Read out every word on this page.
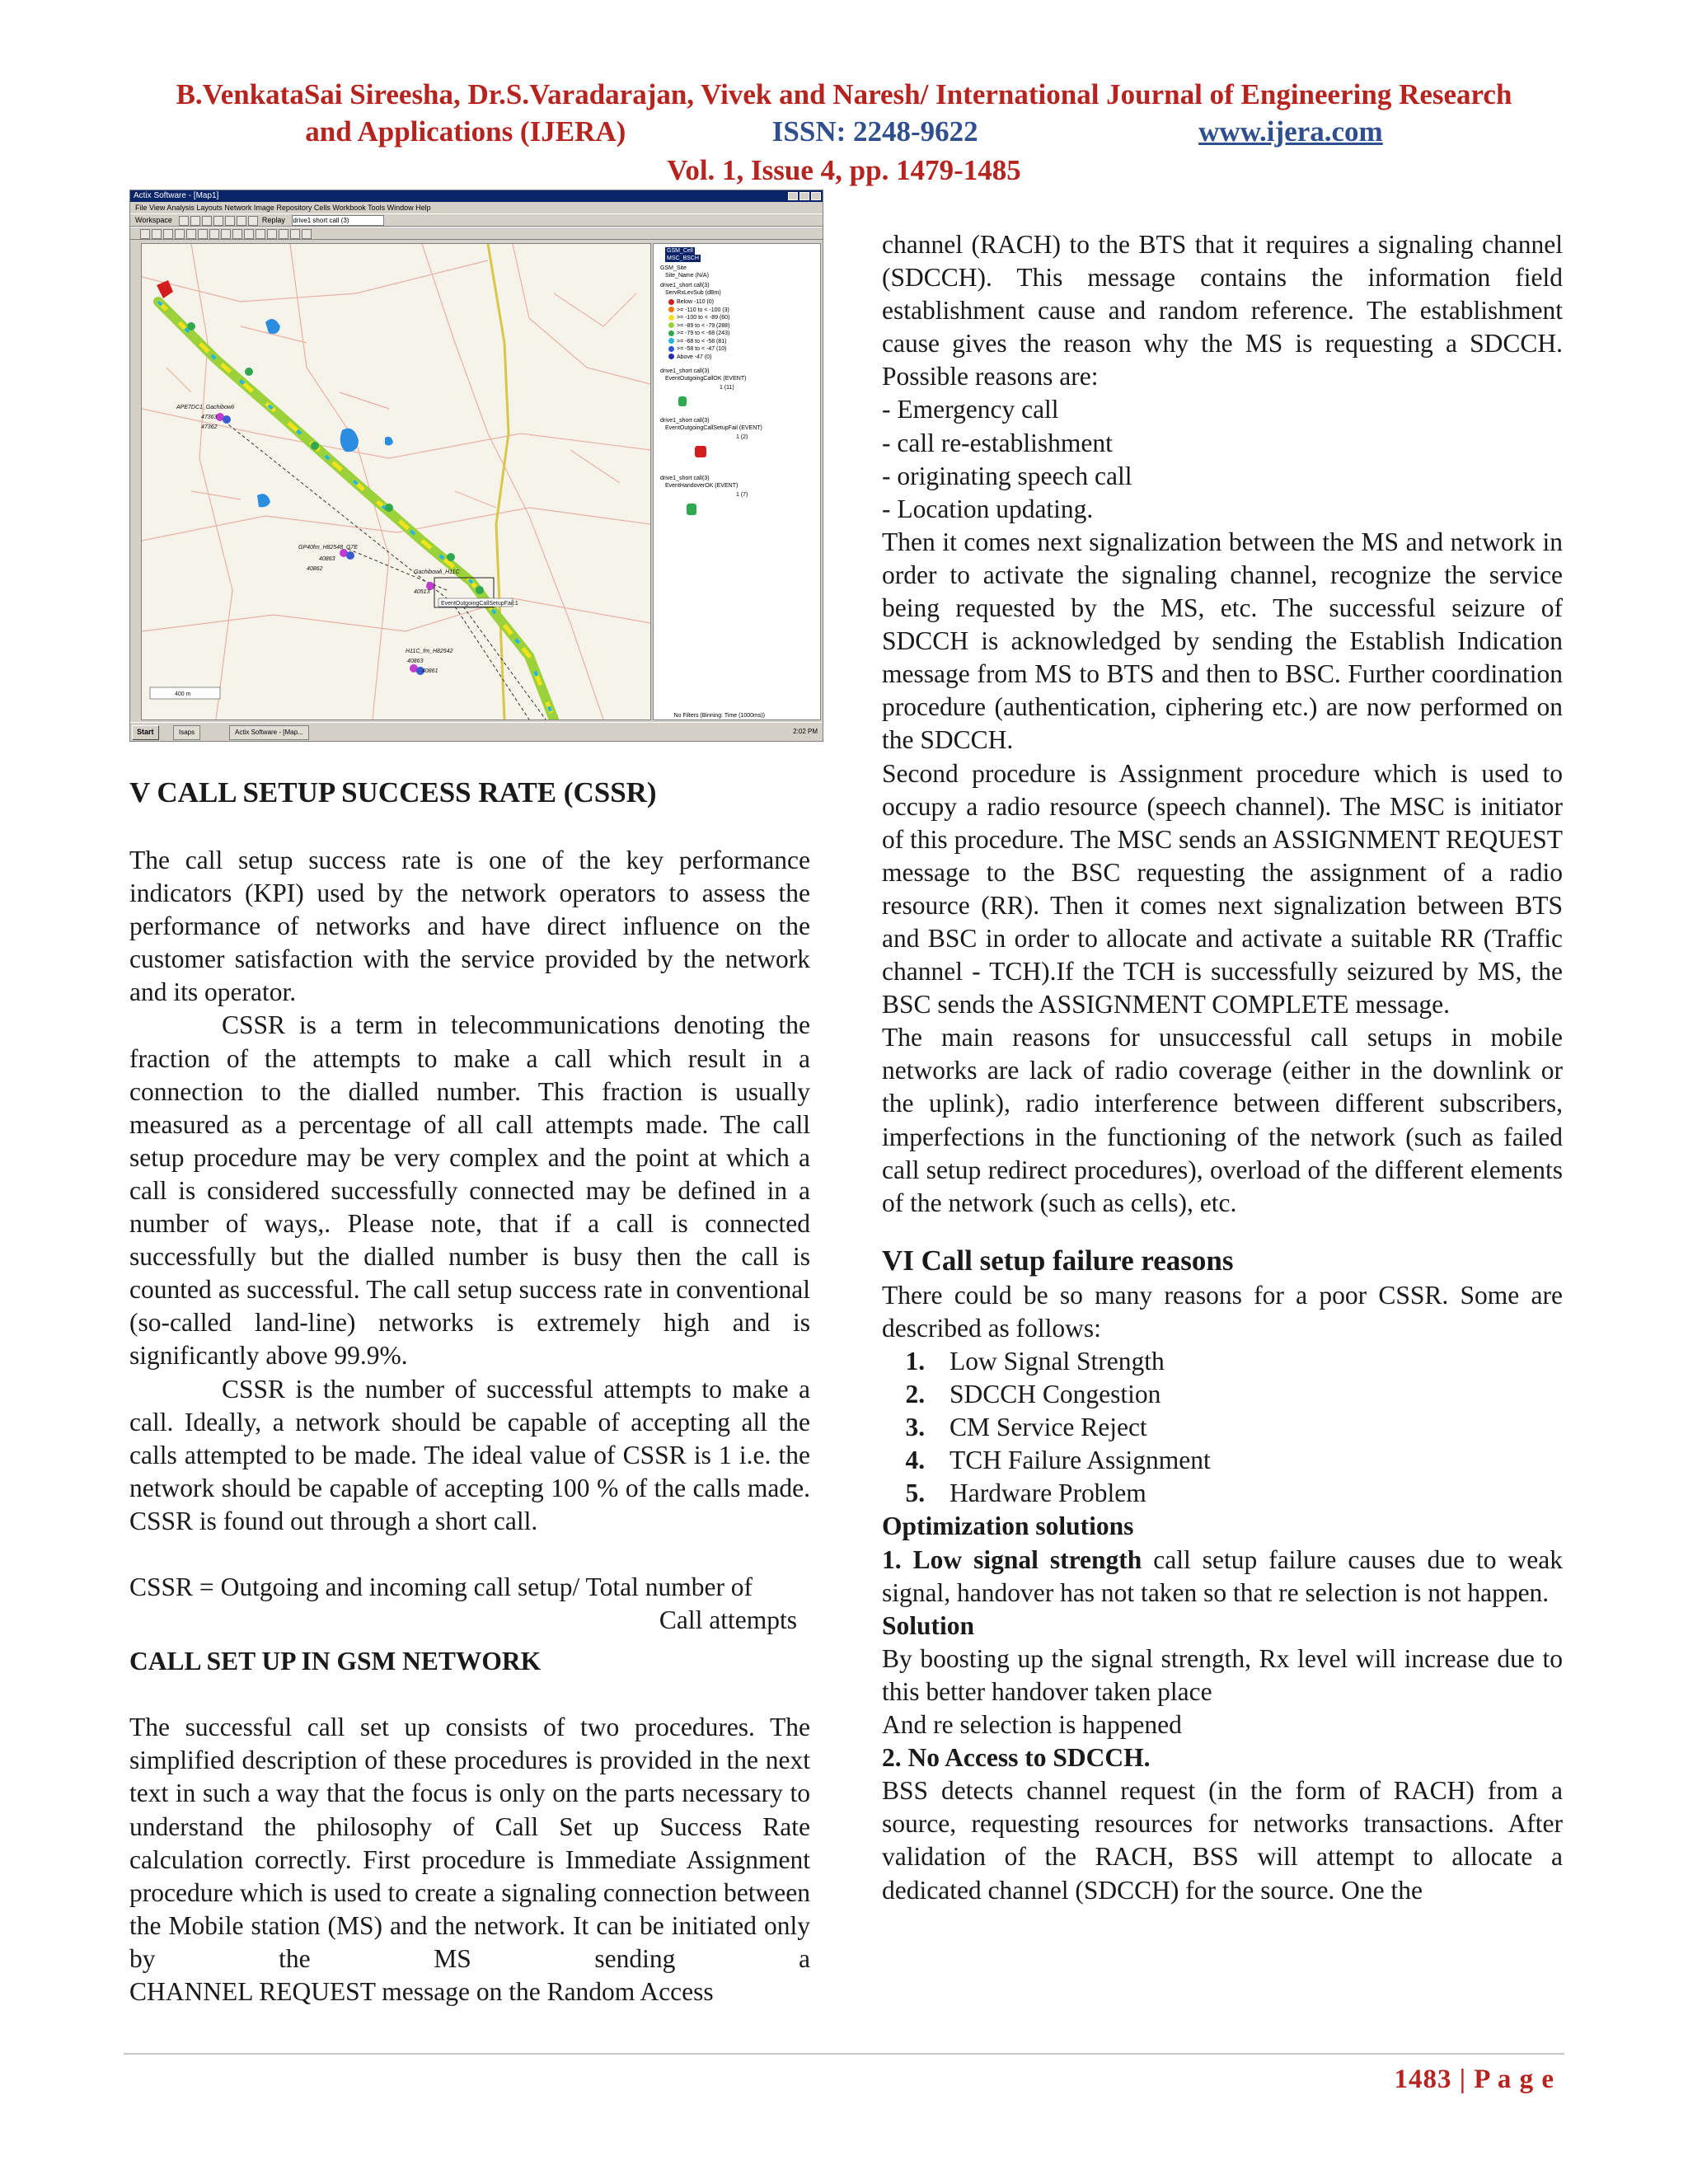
B.VenkataSai Sireesha, Dr.S.Varadarajan, Vivek and Naresh/ International Journal of Engineering Research
and Applications (IJERA)	ISSN: 2248-9622	www.ijera.com
Vol. 1, Issue 4, pp. 1479-1485
Actix Software - [Map1]
File View Analysis Layouts Network Image Repository Cells Workbook Tools Window Help
Workspace	Replay drive1 short call (3)
APE7DC1_Gachibowli
47363
47362
Gachibowli_H11C
40513
GP40fm_H82548_G7E
40863
40862
H11C_fm_H82542
40863
40861
EventOutgoingCallSetupFail:1
400 m
GSM_Cell
MSC_BSCH
GSM_Site
Site_Name (N/A)
drive1_short call(3)
ServRxLevSub (dBm)
Below -110 (0)
>= -110 to < -100 (3)
>= -100 to < -89 (60)
>= -89 to < -79 (288)
>= -79 to < -68 (243)
>= -68 to < -58 (81)
>= -58 to < -47 (10)
Above -47 (0)
drive1_short call(3)
EventOutgoingCallOK (EVENT)
1 (11)
drive1_short call(3)
EventOutgoingCallSetupFail (EVENT)
1 (2)
drive1_short call(3)
EventHandoverOK (EVENT)
1 (7)
No Filters (Binning: Time (1000ms))
Start	Isaps	Actix Software - [Map...	2:02 PM

V CALL SETUP SUCCESS RATE (CSSR)

The call setup success rate is one of the key performance indicators (KPI) used by the network operators to assess the performance of networks and have direct influence on the customer satisfaction with the service provided by the network and its operator.

CSSR is a term in telecommunications denoting the fraction of the attempts to make a call which result in a connection to the dialled number. This fraction is usually measured as a percentage of all call attempts made. The call setup procedure may be very complex and the point at which a call is considered successfully connected may be defined in a number of ways,. Please note, that if a call is connected successfully but the dialled number is busy then the call is counted as successful. The call setup success rate in conventional (so-called land-line) networks is extremely high and is significantly above 99.9%.

CSSR is the number of successful attempts to make a call. Ideally, a network should be capable of accepting all the calls attempted to be made. The ideal value of CSSR is 1 i.e. the network should be capable of accepting 100 % of the calls made. CSSR is found out through a short call.

CSSR = Outgoing and incoming call setup/ Total number of

Call attempts

CALL SET UP IN GSM NETWORK

The successful call set up consists of two procedures. The simplified description of these procedures is provided in the next text in such a way that the focus is only on the parts necessary to understand the philosophy of Call Set up Success Rate calculation correctly. First procedure is Immediate Assignment procedure which is used to create a signaling connection between the Mobile station (MS) and the network. It can be initiated only by the MS sending a

CHANNEL REQUEST message on the Random Access

channel (RACH) to the BTS that it requires a signaling channel (SDCCH). This message contains the information field establishment cause and random reference. The establishment cause gives the reason why the MS is requesting a SDCCH. Possible reasons are:

- Emergency call

- call re-establishment

- originating speech call

- Location updating.

Then it comes next signalization between the MS and network in order to activate the signaling channel, recognize the service being requested by the MS, etc. The successful seizure of SDCCH is acknowledged by sending the Establish Indication message from MS to BTS and then to BSC. Further coordination procedure (authentication, ciphering etc.) are now performed on the SDCCH.

Second procedure is Assignment procedure which is used to occupy a radio resource (speech channel). The MSC is initiator of this procedure. The MSC sends an ASSIGNMENT REQUEST message to the BSC requesting the assignment of a radio resource (RR). Then it comes next signalization between BTS and BSC in order to allocate and activate a suitable RR (Traffic channel - TCH).If the TCH is successfully seizured by MS, the BSC sends the ASSIGNMENT COMPLETE message.

The main reasons for unsuccessful call setups in mobile networks are lack of radio coverage (either in the downlink or the uplink), radio interference between different subscribers, imperfections in the functioning of the network (such as failed call setup redirect procedures), overload of the different elements of the network (such as cells), etc.

VI Call setup failure reasons

There could be so many reasons for a poor CSSR. Some are described as follows:

1. Low Signal Strength
2. SDCCH Congestion
3. CM Service Reject
4. TCH Failure Assignment
5. Hardware Problem

Optimization solutions

1. Low signal strength call setup failure causes due to weak signal, handover has not taken so that re selection is not happen.

Solution

By boosting up the signal strength, Rx level will increase due to this better handover taken place

And re selection is happened

2. No Access to SDCCH.

BSS detects channel request (in the form of RACH) from a source, requesting resources for networks transactions. After validation of the RACH, BSS will attempt to allocate a

dedicated channel (SDCCH) for the source. One the

1483 | P a g e
